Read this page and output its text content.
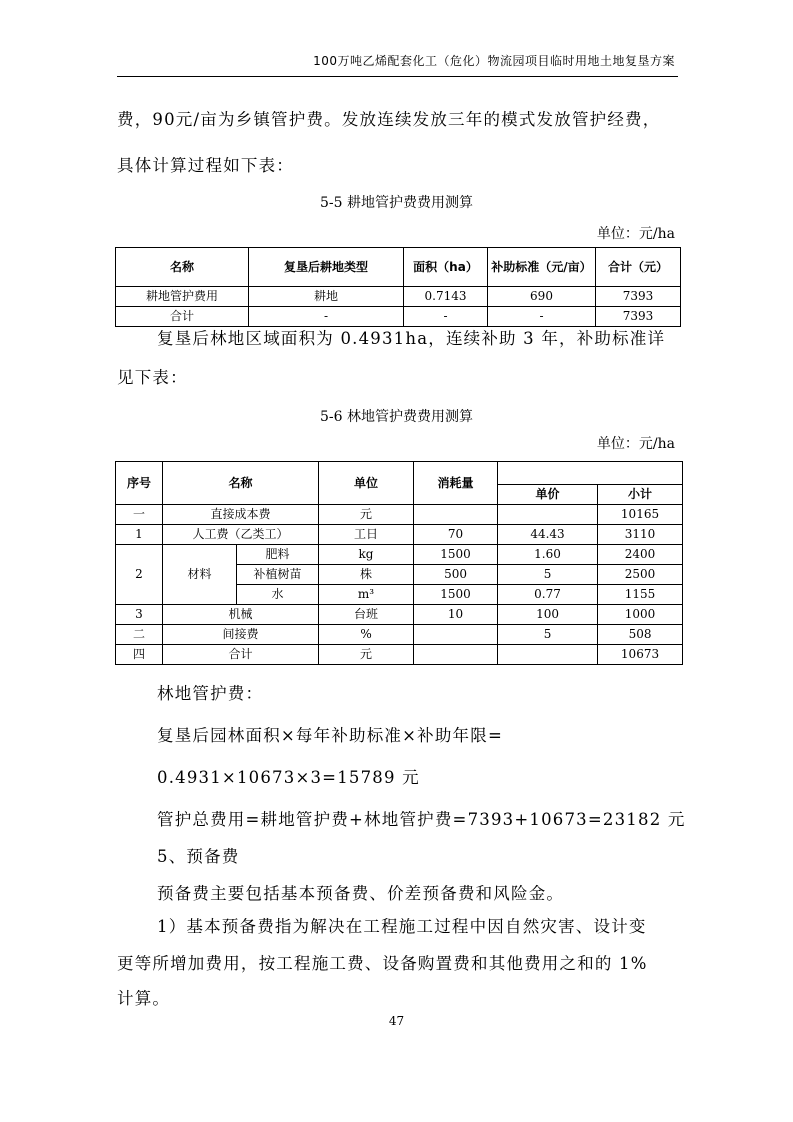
100万吨乙烯配套化工（危化）物流园项目临时用地土地复垦方案
费，90元/亩为乡镇管护费。发放连续发放三年的模式发放管护经费，
具体计算过程如下表：
5-5 耕地管护费费用测算
单位：元/ha
名称	复垦后耕地类型	面积（ha）	补助标准（元/亩）	合计（元）
耕地管护费用	耕地	0.7143	690	7393
合计	-	-	-	7393
复垦后林地区域面积为 0.4931ha，连续补助 3 年，补助标准详
见下表：
5-6 林地管护费费用测算
单位：元/ha
序号	名称		单位	消耗量		
					单价	小计
一	直接成本费		元			10165
1	人工费（乙类工）		工日	70	44.43	3110
2	材料	肥料	kg	1500	1.60	2400
		补植树苗	株	500	5	2500
		水	m³	1500	0.77	1155
3	机械		台班	10	100	1000
二	间接费		%		5	508
四	合计		元			10673
林地管护费：
复垦后园林面积×每年补助标准×补助年限=
0.4931×10673×3=15789 元
管护总费用=耕地管护费+林地管护费=7393+10673=23182 元
5、预备费
预备费主要包括基本预备费、价差预备费和风险金。
1）基本预备费指为解决在工程施工过程中因自然灾害、设计变
更等所增加费用，按工程施工费、设备购置费和其他费用之和的 1%
计算。
47
